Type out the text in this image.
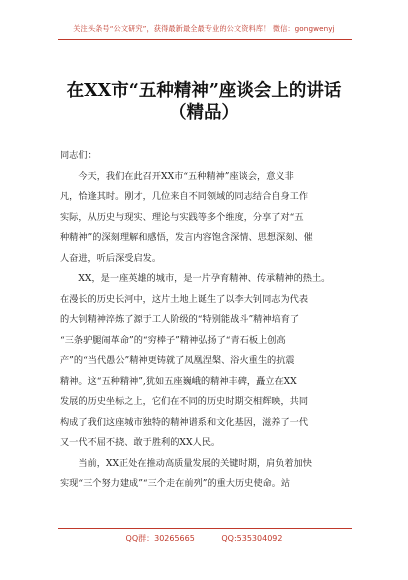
关注头条号“公文研究”，获得最新最全最专业的公文资料库！ 微信：gongwenyj
在XX市“五种精神”座谈会上的讲话
（精品）
同志们：
　　今天，我们在此召开XX市“五种精神”座谈会，意义非
凡，恰逢其时。刚才，几位来自不同领域的同志结合自身工作
实际，从历史与现实、理论与实践等多个维度，分享了对“五
种精神”的深刻理解和感悟，发言内容饱含深情、思想深刻、催
人奋进，听后深受启发。
　　XX，是一座英雄的城市，是一片孕育精神、传承精神的热土。
在漫长的历史长河中，这片土地上诞生了以李大钊同志为代表
的大钊精神淬炼了源于工人阶级的“特别能战斗”精神培育了
“三条驴腿闹革命”的“穷棒子”精神弘扬了“青石板上创高
产”的“当代愚公”精神更铸就了凤凰涅槃、浴火重生的抗震
精神。这“五种精神”,犹如五座巍峨的精神丰碑，矗立在XX
发展的历史坐标之上，它们在不同的历史时期交相辉映，共同
构成了我们这座城市独特的精神谱系和文化基因，滋养了一代
又一代不屈不挠、敢于胜利的XX人民。
　　当前，XX正处在推动高质量发展的关键时期，肩负着加快
实现“三个努力建成”“三个走在前列”的重大历史使命。站
QQ群：30265665	QQ:535304092
